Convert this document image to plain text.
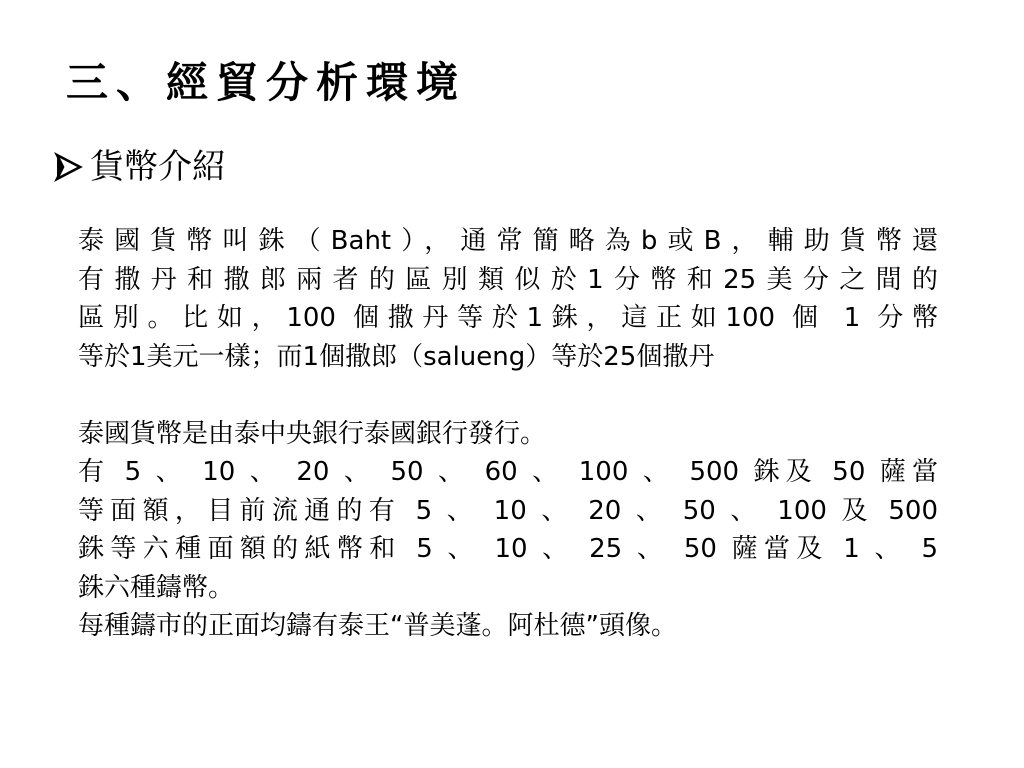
三、經貿分析環境
貨幣介紹
泰國貨幣叫銖（Baht），通常簡略為b或B，輔助貨幣還
有撒丹和撒郎兩者的區別類似於1分幣和25美分之間的
區別。比如，100 個撒丹等於1銖，這正如100 個 1 分幣
等於1美元一樣；而1個撒郎（salueng）等於25個撒丹
泰國貨幣是由泰中央銀行泰國銀行發行。
有 5 、 10 、 20 、 50 、 60 、 100 、 500 銖及 50 薩當
等面額，目前流通的有 5 、 10 、 20 、 50 、 100 及 500
銖等六種面額的紙幣和 5 、 10 、 25 、 50 薩當及 1 、 5
銖六種鑄幣。
每種鑄市的正面均鑄有泰王“普美蓬。阿杜德”頭像。
